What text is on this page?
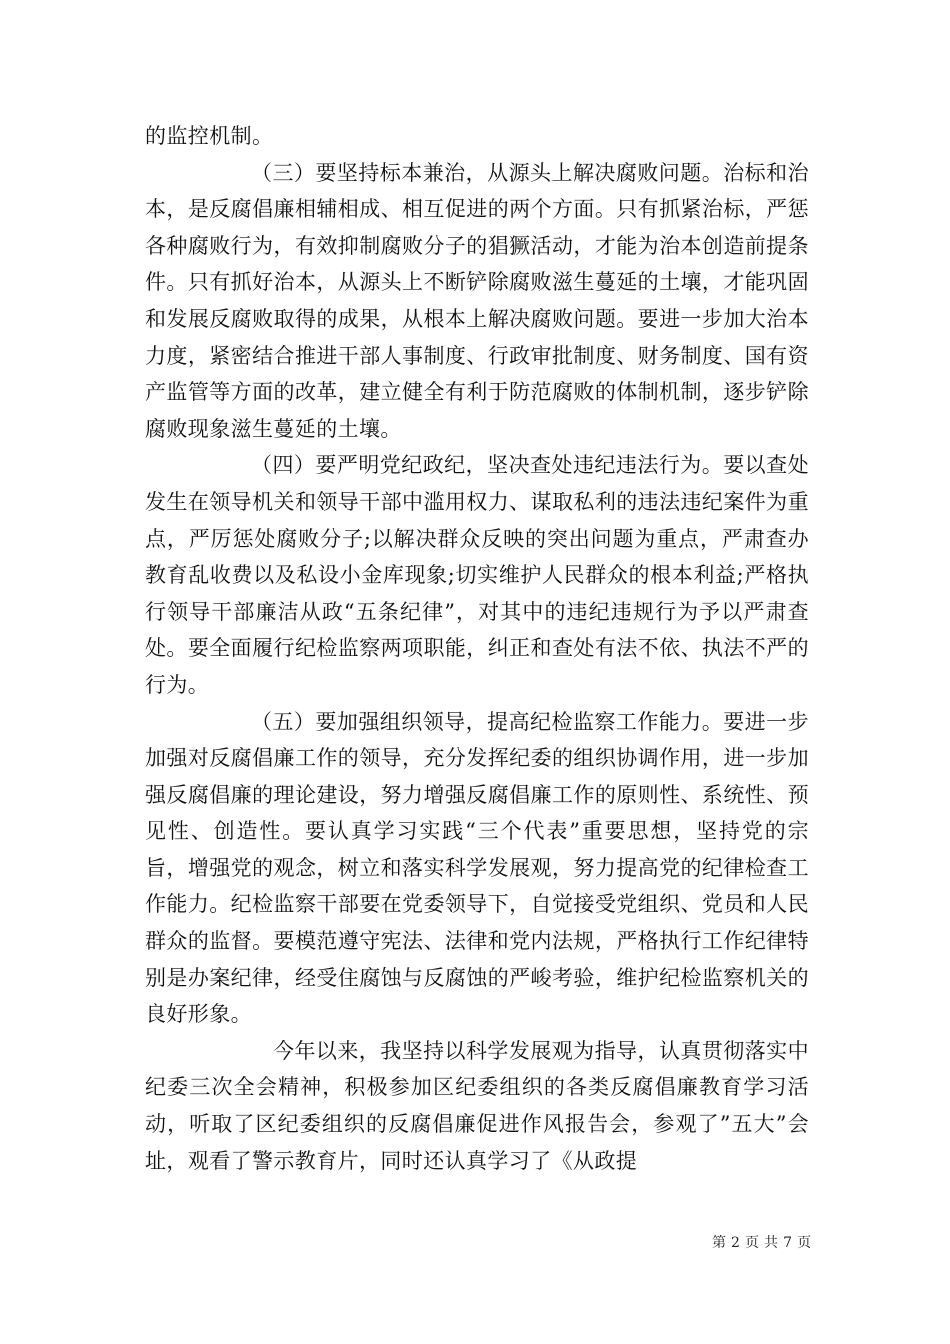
的监控机制。

（三）要坚持标本兼治，从源头上解决腐败问题。治标和治本，是反腐倡廉相辅相成、相互促进的两个方面。只有抓紧治标，严惩各种腐败行为，有效抑制腐败分子的猖獗活动，才能为治本创造前提条件。只有抓好治本，从源头上不断铲除腐败滋生蔓延的土壤，才能巩固和发展反腐败取得的成果，从根本上解决腐败问题。要进一步加大治本力度，紧密结合推进干部人事制度、行政审批制度、财务制度、国有资产监管等方面的改革，建立健全有利于防范腐败的体制机制，逐步铲除腐败现象滋生蔓延的土壤。

（四）要严明党纪政纪，坚决查处违纪违法行为。要以查处发生在领导机关和领导干部中滥用权力、谋取私利的违法违纪案件为重点，严厉惩处腐败分子;以解决群众反映的突出问题为重点，严肃查办教育乱收费以及私设小金库现象;切实维护人民群众的根本利益;严格执行领导干部廉洁从政“五条纪律”，对其中的违纪违规行为予以严肃查处。要全面履行纪检监察两项职能，纠正和查处有法不依、执法不严的行为。

（五）要加强组织领导，提高纪检监察工作能力。要进一步加强对反腐倡廉工作的领导，充分发挥纪委的组织协调作用，进一步加强反腐倡廉的理论建设，努力增强反腐倡廉工作的原则性、系统性、预见性、创造性。要认真学习实践“三个代表”重要思想，坚持党的宗旨，增强党的观念，树立和落实科学发展观，努力提高党的纪律检查工作能力。纪检监察干部要在党委领导下，自觉接受党组织、党员和人民群众的监督。要模范遵守宪法、法律和党内法规，严格执行工作纪律特别是办案纪律，经受住腐蚀与反腐蚀的严峻考验，维护纪检监察机关的良好形象。

今年以来，我坚持以科学发展观为指导，认真贯彻落实中纪委三次全会精神，积极参加区纪委组织的各类反腐倡廉教育学习活动，听取了区纪委组织的反腐倡廉促进作风报告会，参观了”五大”会址，观看了警示教育片，同时还认真学习了《从政提

第 2 页 共 7 页
